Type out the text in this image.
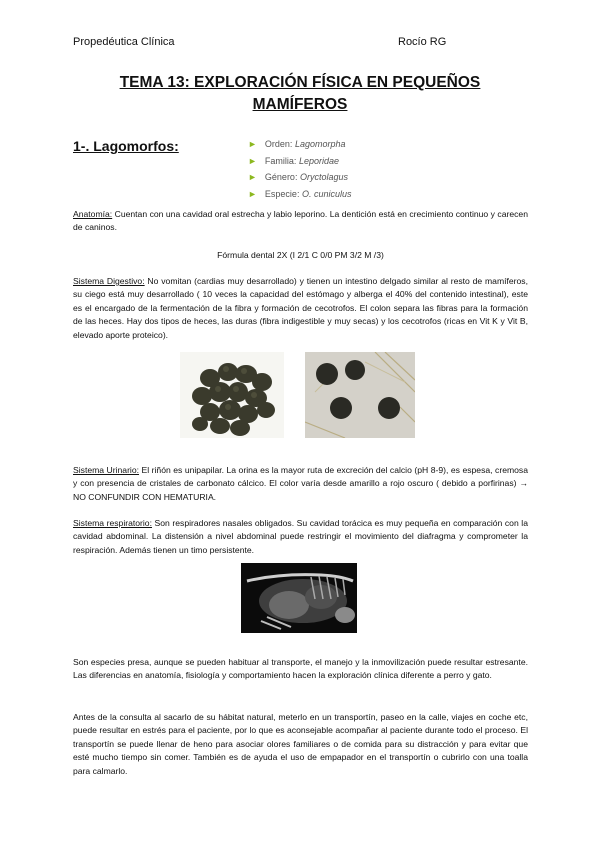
Propedéutica Clínica	Rocío RG
TEMA 13: EXPLORACIÓN FÍSICA EN PEQUEÑOS
MAMÍFEROS
1-. Lagomorfos:	► Orden: Lagomorpha
► Familia: Leporidae
► Género: Oryctolagus
► Especie: O. cuniculus

Anatomía: Cuentan con una cavidad oral estrecha y labio leporino. La dentición está en crecimiento continuo y carecen de caninos.

Fórmula dental 2X (I 2/1 C 0/0 PM 3/2 M /3)

Sistema Digestivo: No vomitan (cardias muy desarrollado) y tienen un intestino delgado similar al resto de mamíferos, su ciego está muy desarrollado ( 10 veces la capacidad del estómago y alberga el 40% del contenido intestinal), este es el encargado de la fermentación de la fibra y formación de cecotrofos. El colon separa las fibras para la formación de las heces. Hay dos tipos de heces, las duras (fibra indigestible y muy secas) y los cecotrofos (ricas en Vit K y Vit B, elevado aporte proteico).

Sistema Urinario: El riñón es unipapilar. La orina es la mayor ruta de excreción del calcio (pH 8-9), es espesa, cremosa y con presencia de cristales de carbonato cálcico. El color varía desde amarillo a rojo oscuro ( debido a porfirinas) → NO CONFUNDIR CON HEMATURIA.

Sistema respiratorio: Son respiradores nasales obligados. Su cavidad torácica es muy pequeña en comparación con la cavidad abdominal. La distensión a nivel abdominal puede restringir el movimiento del diafragma y comprometer la respiración. Además tienen un timo persistente.

Son especies presa, aunque se pueden habituar al transporte, el manejo y la inmovilización puede resultar estresante. Las diferencias en anatomía, fisiología y comportamiento hacen la exploración clínica diferente a perro y gato.

Antes de la consulta al sacarlo de su hábitat natural, meterlo en un transportín, paseo en la calle, viajes en coche etc, puede resultar en estrés para el paciente, por lo que es aconsejable acompañar al paciente durante todo el proceso. El transportín se puede llenar de heno para asociar olores familiares o de comida para su distracción y para evitar que esté mucho tiempo sin comer. También es de ayuda el uso de empapador en el transportín o cubrirlo con una toalla para calmarlo.
